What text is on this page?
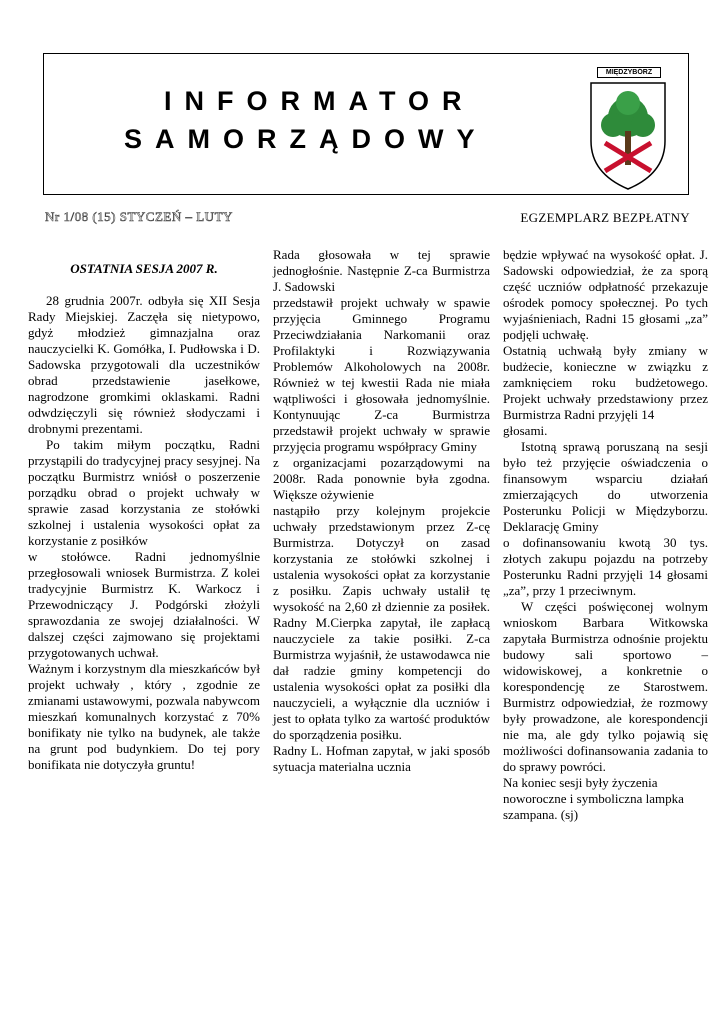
INFORMATOR
SAMORZĄDOWY
MIĘDZYBÓRZ
Nr 1/08 (15) STYCZEŃ – LUTY	EGZEMPLARZ BEZPŁATNY

OSTATNIA SESJA 2007 R.

28 grudnia 2007r. odbyła się XII Sesja Rady Miejskiej. Zaczęła się nietypowo, gdyż młodzież gimnazjalna oraz nauczycielki K. Gomółka, I. Pudłowska i D. Sadowska przygotowali dla uczestników obrad przedstawienie jasełkowe, nagrodzone gromkimi oklaskami. Radni odwdzięczyli się również słodyczami i drobnymi prezentami.

Po takim miłym początku, Radni przystąpili do tradycyjnej pracy sesyjnej. Na początku Burmistrz wniósł o poszerzenie porządku obrad o projekt uchwały w sprawie zasad korzystania ze stołówki szkolnej i ustalenia wysokości opłat za korzystanie z posiłków

w stołówce. Radni jednomyślnie przegłosowali wniosek Burmistrza. Z kolei tradycyjnie Burmistrz K. Warkocz i Przewodniczący J. Podgórski złożyli sprawozdania ze swojej działalności. W dalszej części zajmowano się projektami przygotowanych uchwał.

Ważnym i korzystnym dla mieszkańców był projekt uchwały , który , zgodnie ze zmianami ustawowymi, pozwala nabywcom mieszkań komunalnych korzystać z 70% bonifikaty nie tylko na budynek, ale także na grunt pod budynkiem. Do tej pory bonifikata nie dotyczyła gruntu!

Rada głosowała w tej sprawie jednogłośnie. Następnie Z-ca Burmistrza J. Sadowski

przedstawił projekt uchwały w spawie przyjęcia Gminnego Programu Przeciwdziałania Narkomanii oraz Profilaktyki i Rozwiązywania Problemów Alkoholowych na 2008r. Również w tej kwestii Rada nie miała wątpliwości i głosowała jednomyślnie. Kontynuując Z-ca Burmistrza przedstawił projekt uchwały w sprawie przyjęcia programu współpracy Gminy

z organizacjami pozarządowymi na 2008r. Rada ponownie była zgodna. Większe ożywienie

nastąpiło przy kolejnym projekcie uchwały przedstawionym przez Z-cę Burmistrza. Dotyczył on zasad korzystania ze stołówki szkolnej i ustalenia wysokości opłat za korzystanie z posiłku. Zapis uchwały ustalił tę wysokość na 2,60 zł dziennie za posiłek. Radny M.Cierpka zapytał, ile zapłacą nauczyciele za takie posiłki. Z-ca Burmistrza wyjaśnił, że ustawodawca nie dał radzie gminy kompetencji do ustalenia wysokości opłat za posiłki dla nauczycieli, a wyłącznie dla uczniów i jest to opłata tylko za wartość produktów do sporządzenia posiłku.

Radny L. Hofman zapytał, w jaki sposób sytuacja materialna ucznia

będzie wpływać na wysokość opłat. J. Sadowski odpowiedział, że za sporą część uczniów odpłatność przekazuje ośrodek pomocy społecznej. Po tych wyjaśnieniach, Radni 15 głosami „za” podjęli uchwałę.

Ostatnią uchwałą były zmiany w budżecie, konieczne w związku z zamknięciem roku budżetowego. Projekt uchwały przedstawiony przez Burmistrza Radni przyjęli 14

głosami.

Istotną sprawą poruszaną na sesji było też przyjęcie oświadczenia o finansowym wsparciu działań zmierzających do utworzenia Posterunku Policji w Międzyborzu. Deklarację Gminy

o dofinansowaniu kwotą 30 tys. złotych zakupu pojazdu na potrzeby Posterunku Radni przyjęli 14 głosami „za”, przy 1 przeciwnym.

W części poświęconej wolnym wnioskom Barbara Witkowska zapytała Burmistrza odnośnie projektu budowy sali sportowo – widowiskowej, a konkretnie o korespondencję ze Starostwem. Burmistrz odpowiedział, że rozmowy były prowadzone, ale korespondencji nie ma, ale gdy tylko pojawią się możliwości dofinansowania zadania to do sprawy powróci.

Na koniec sesji były życzenia noworoczne i symboliczna lampka szampana. (sj)
